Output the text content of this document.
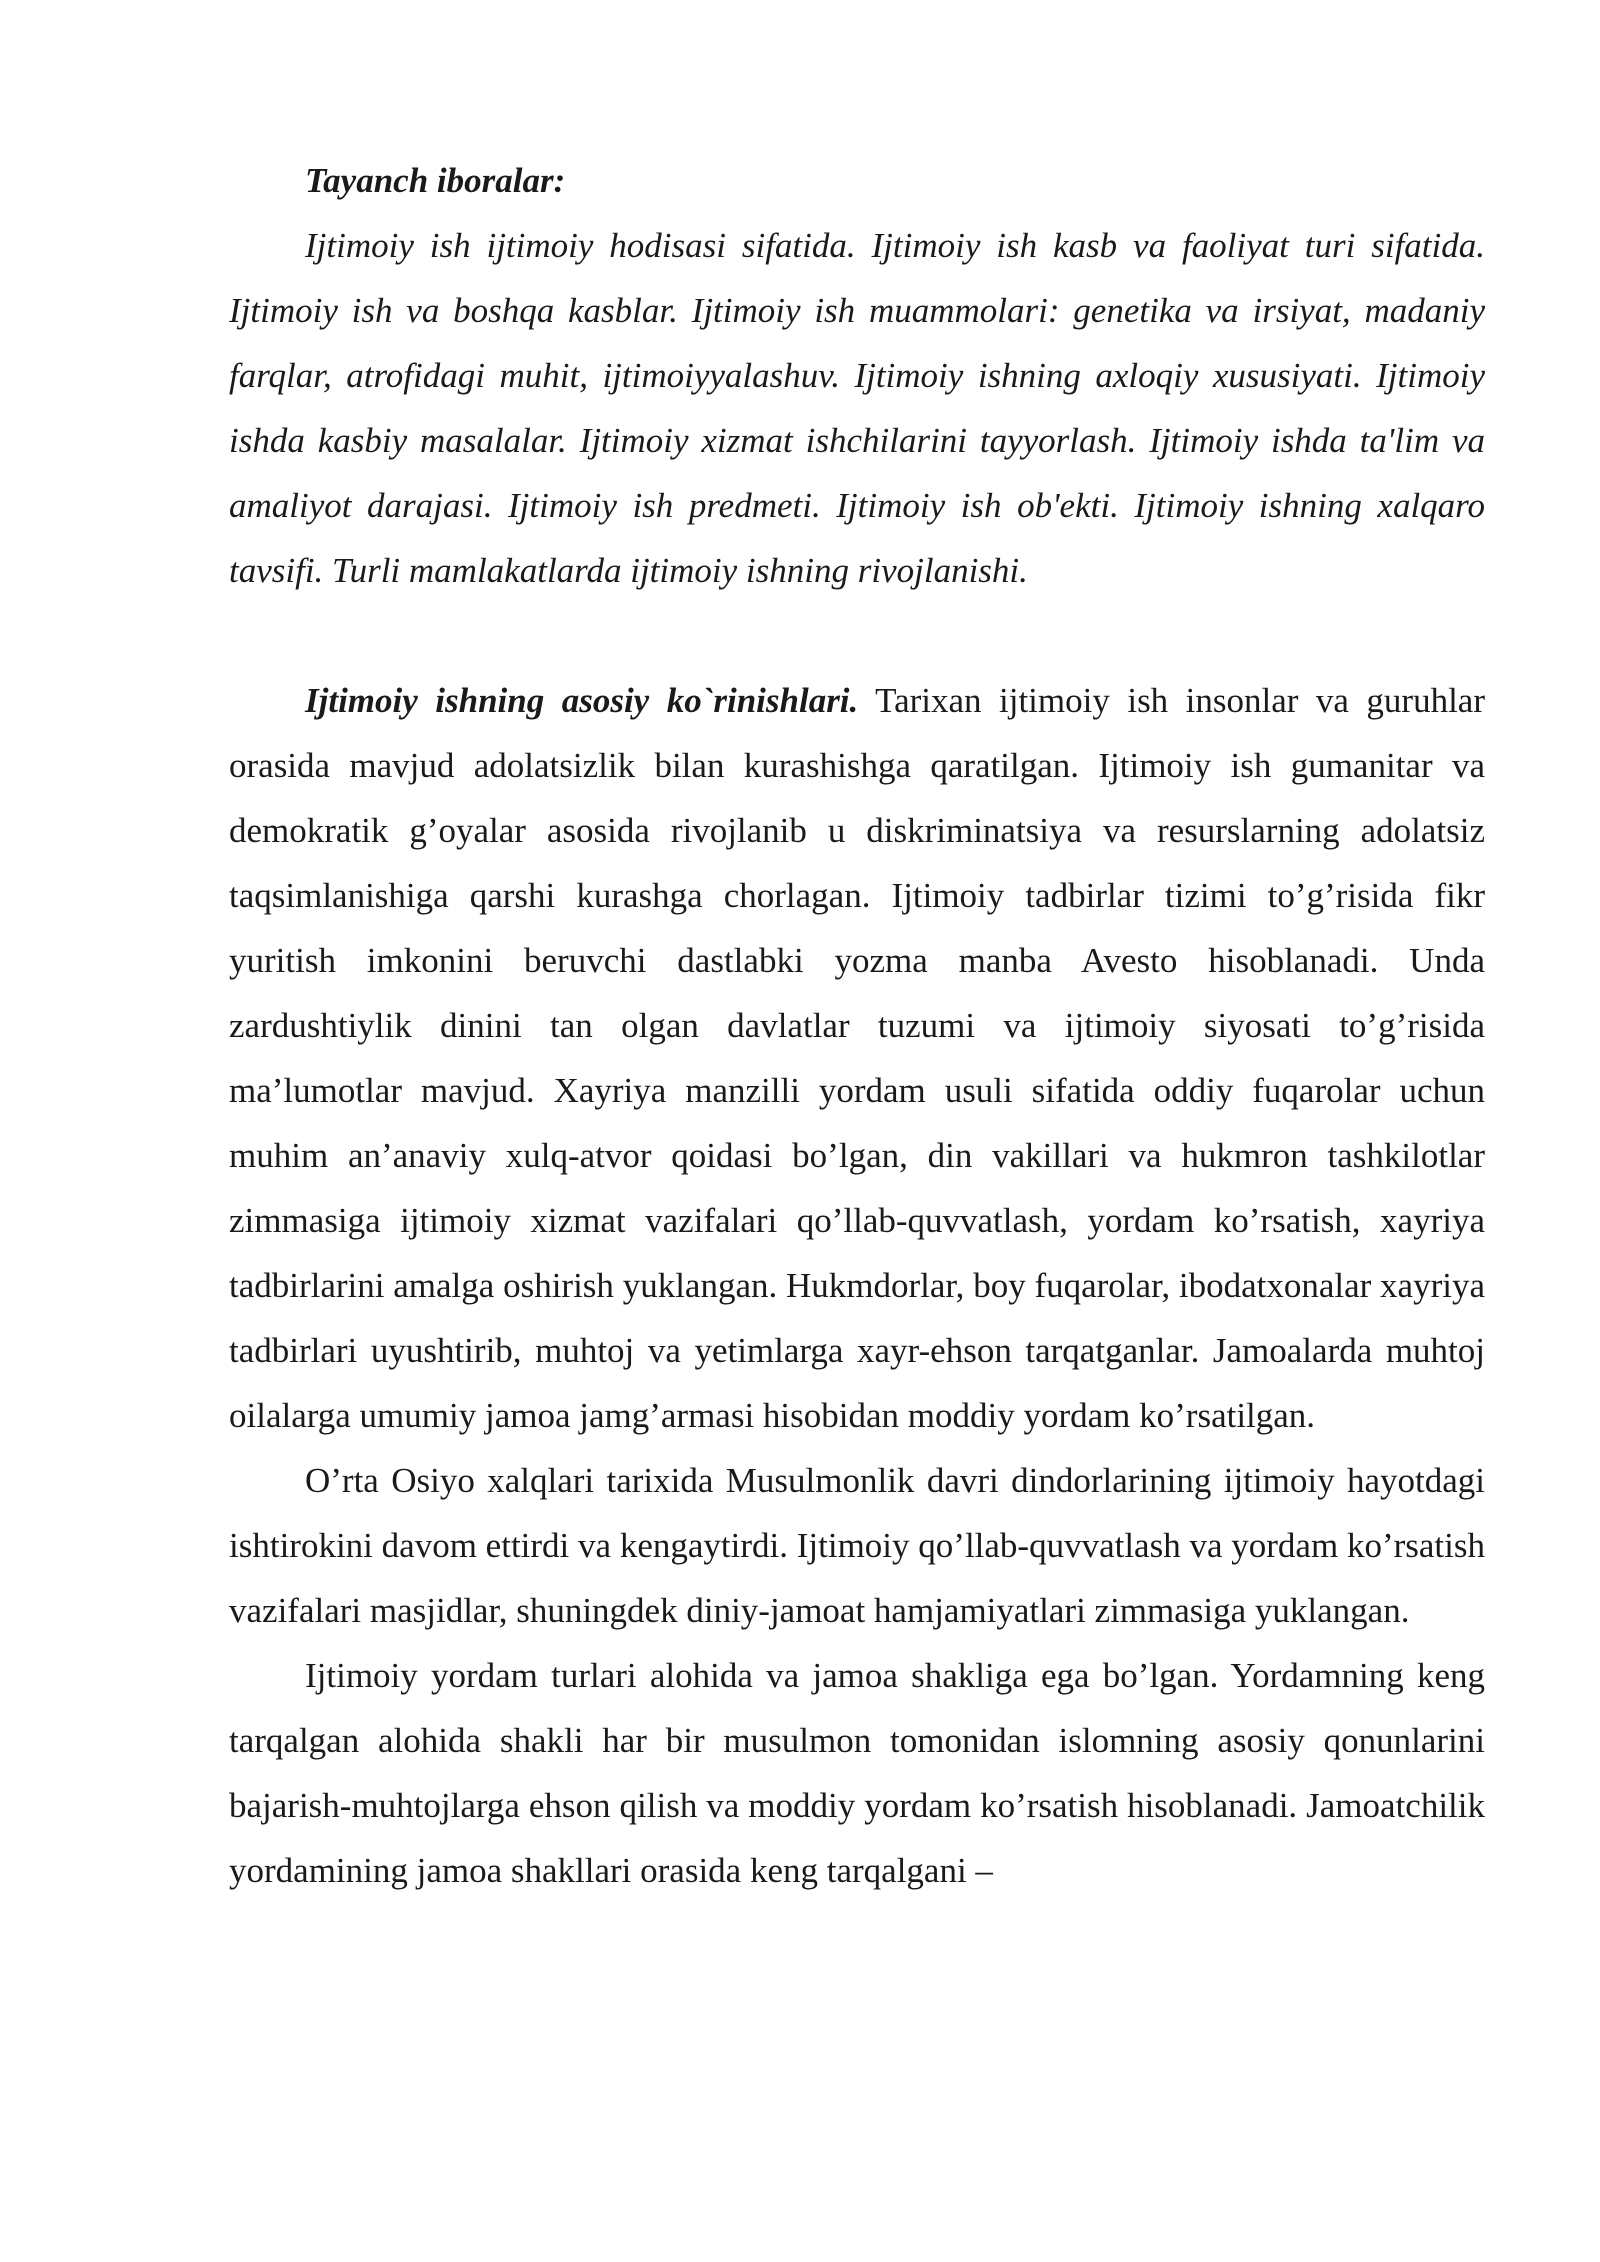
Tayanch iboralar:

Ijtimoiy ish ijtimoiy hodisasi sifatida. Ijtimoiy ish kasb va faoliyat turi sifatida. Ijtimoiy ish va boshqa kasblar. Ijtimoiy ish muammolari: genetika va irsiyat, madaniy farqlar, atrofidagi muhit, ijtimoiyyalashuv. Ijtimoiy ishning axloqiy xususiyati. Ijtimoiy ishda kasbiy masalalar. Ijtimoiy xizmat ishchilarini tayyorlash. Ijtimoiy ishda ta'lim va amaliyot darajasi. Ijtimoiy ish predmeti. Ijtimoiy ish ob'ekti. Ijtimoiy ishning xalqaro tavsifi. Turli mamlakatlarda ijtimoiy ishning rivojlanishi.

Ijtimoiy ishning asosiy ko`rinishlari. Tarixan ijtimoiy ish insonlar va guruhlar orasida mavjud adolatsizlik bilan kurashishga qaratilgan. Ijtimoiy ish gumanitar va demokratik g’oyalar asosida rivojlanib u diskriminatsiya va resurslarning adolatsiz taqsimlanishiga qarshi kurashga chorlagan. Ijtimoiy tadbirlar tizimi to’g’risida fikr yuritish imkonini beruvchi dastlabki yozma manba Avesto hisoblanadi. Unda zardushtiylik dinini tan olgan davlatlar tuzumi va ijtimoiy siyosati to’g’risida ma’lumotlar mavjud. Xayriya manzilli yordam usuli sifatida oddiy fuqarolar uchun muhim an’anaviy xulq-atvor qoidasi bo’lgan, din vakillari va hukmron tashkilotlar zimmasiga ijtimoiy xizmat vazifalari qo’llab-quvvatlash, yordam ko’rsatish, xayriya tadbirlarini amalga oshirish yuklangan. Hukmdorlar, boy fuqarolar, ibodatxonalar xayriya tadbirlari uyushtirib, muhtoj va yetimlarga xayr-ehson tarqatganlar. Jamoalarda muhtoj oilalarga umumiy jamoa jamg’armasi hisobidan moddiy yordam ko’rsatilgan.

O’rta Osiyo xalqlari tarixida Musulmonlik davri dindorlarining ijtimoiy hayotdagi ishtirokini davom ettirdi va kengaytirdi. Ijtimoiy qo’llab-quvvatlash va yordam ko’rsatish vazifalari masjidlar, shuningdek diniy-jamoat hamjamiyatlari zimmasiga yuklangan.

Ijtimoiy yordam turlari alohida va jamoa shakliga ega bo’lgan. Yordamning keng tarqalgan alohida shakli har bir musulmon tomonidan islomning asosiy qonunlarini bajarish-muhtojlarga ehson qilish va moddiy yordam ko’rsatish hisoblanadi. Jamoatchilik yordamining jamoa shakllari orasida keng tarqalgani –
